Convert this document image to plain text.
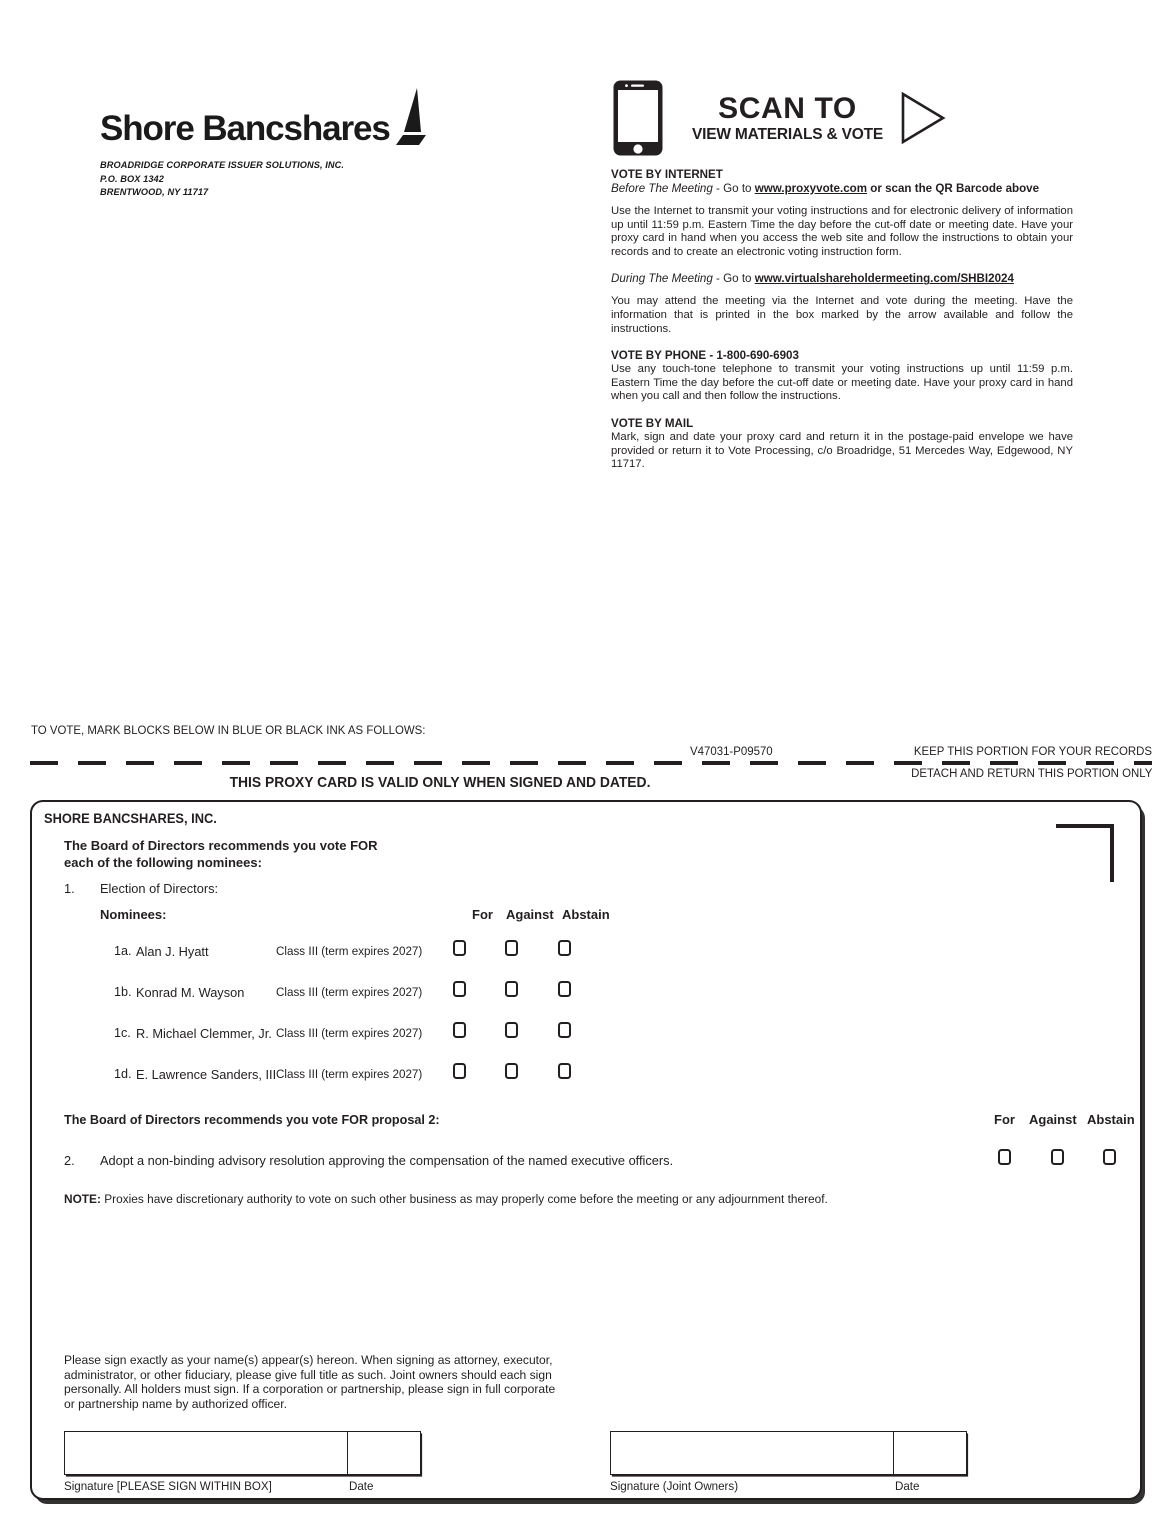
Shore Bancshares
BROADRIDGE CORPORATE ISSUER SOLUTIONS, INC.
P.O. BOX 1342
BRENTWOOD, NY 11717
SCAN TO
VIEW MATERIALS & VOTE
VOTE BY INTERNET
Before The Meeting - Go to www.proxyvote.com or scan the QR Barcode above
Use the Internet to transmit your voting instructions and for electronic delivery of information up until 11:59 p.m. Eastern Time the day before the cut-off date or meeting date. Have your proxy card in hand when you access the web site and follow the instructions to obtain your records and to create an electronic voting instruction form.
During The Meeting - Go to www.virtualshareholdermeeting.com/SHBI2024
You may attend the meeting via the Internet and vote during the meeting. Have the information that is printed in the box marked by the arrow available and follow the instructions.
VOTE BY PHONE - 1-800-690-6903
Use any touch-tone telephone to transmit your voting instructions up until 11:59 p.m. Eastern Time the day before the cut-off date or meeting date. Have your proxy card in hand when you call and then follow the instructions.
VOTE BY MAIL
Mark, sign and date your proxy card and return it in the postage-paid envelope we have provided or return it to Vote Processing, c/o Broadridge, 51 Mercedes Way, Edgewood, NY 11717.
TO VOTE, MARK BLOCKS BELOW IN BLUE OR BLACK INK AS FOLLOWS:
V47031-P09570	KEEP THIS PORTION FOR YOUR RECORDS
DETACH AND RETURN THIS PORTION ONLY
THIS PROXY CARD IS VALID ONLY WHEN SIGNED AND DATED.
SHORE BANCSHARES, INC.
The Board of Directors recommends you vote FOR
each of the following nominees:
1. Election of Directors:
Nominees:	For Against Abstain
1a. Alan J. Hyatt	Class III (term expires 2027)
1b. Konrad M. Wayson	Class III (term expires 2027)
1c. R. Michael Clemmer, Jr. Class III (term expires 2027)
1d. E. Lawrence Sanders, III Class III (term expires 2027)
The Board of Directors recommends you vote FOR proposal 2:	For Against Abstain
2. Adopt a non-binding advisory resolution approving the compensation of the named executive officers.
NOTE: Proxies have discretionary authority to vote on such other business as may properly come before the meeting or any adjournment thereof.
Please sign exactly as your name(s) appear(s) hereon. When signing as attorney, executor,
administrator, or other fiduciary, please give full title as such. Joint owners should each sign
personally. All holders must sign. If a corporation or partnership, please sign in full corporate
or partnership name by authorized officer.
Signature [PLEASE SIGN WITHIN BOX]	Date	Signature (Joint Owners)	Date
